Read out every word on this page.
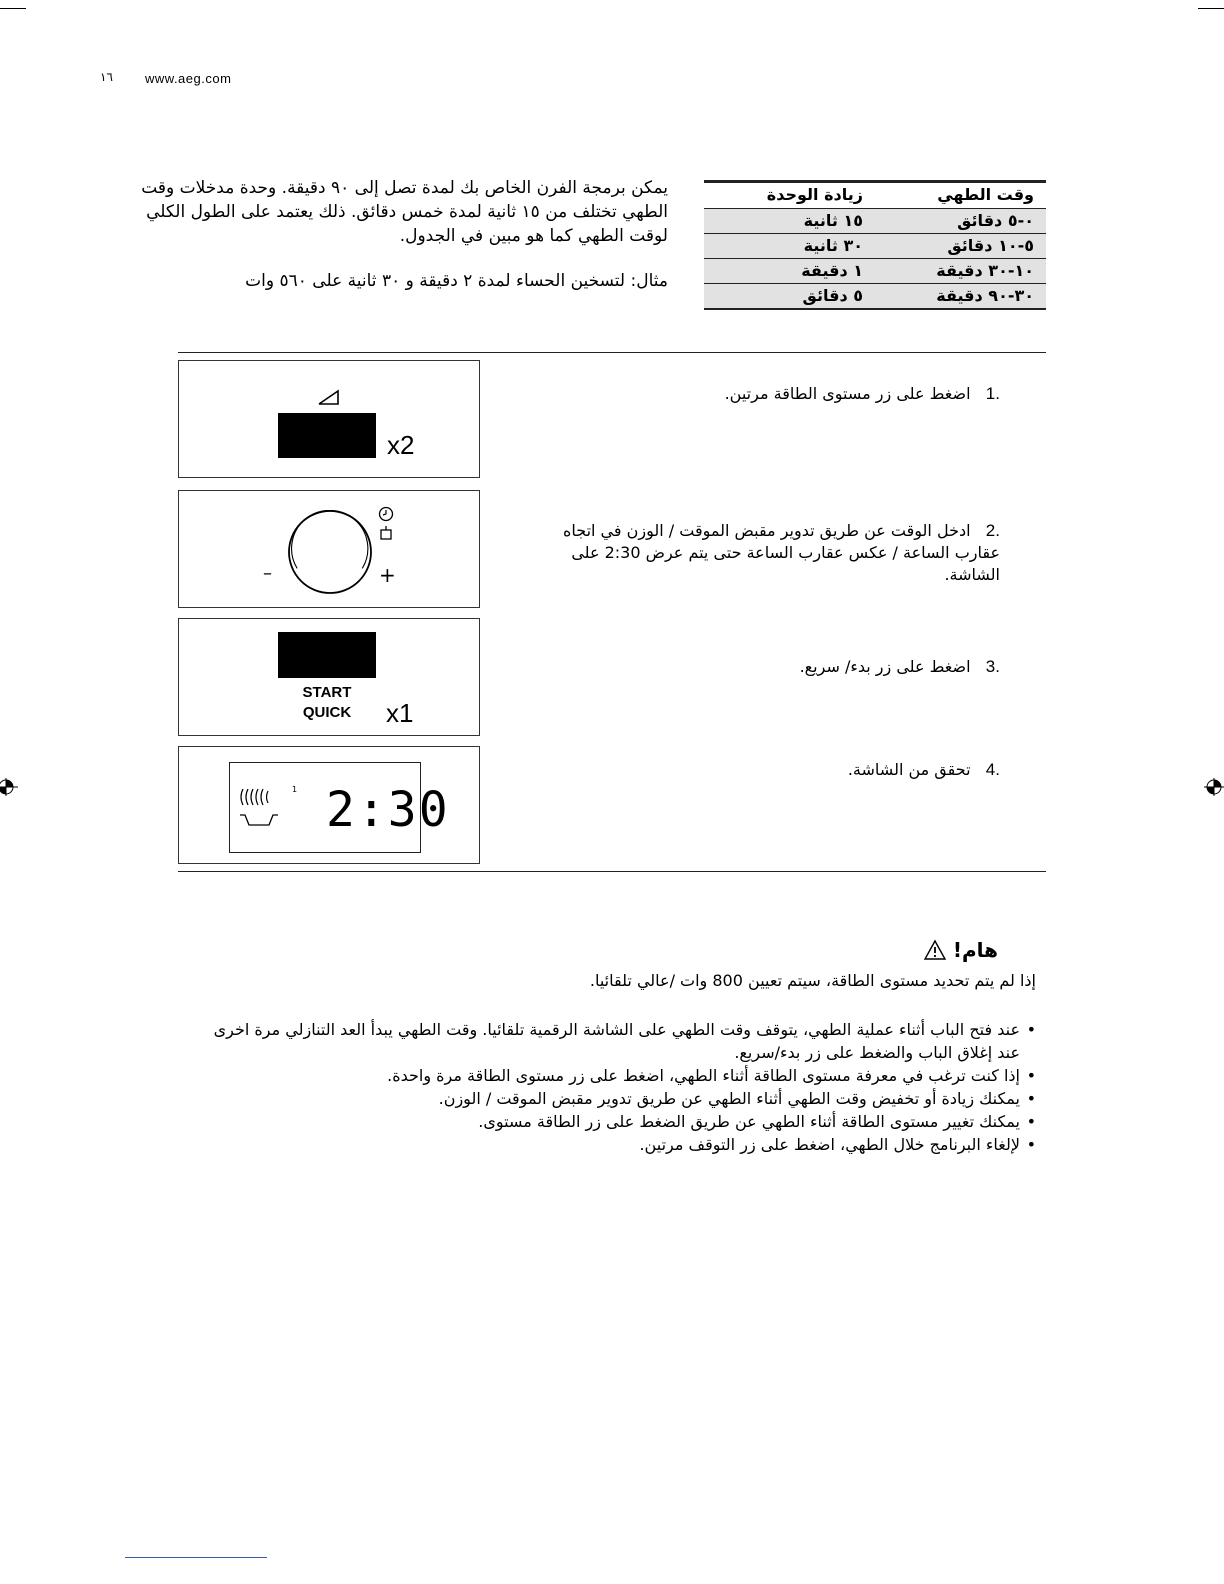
١٦ www.aeg.com

يمكن برمجة الفرن الخاص بك لمدة تصل إلى ٩٠ دقيقة. وحدة مدخلات وقت الطهي تختلف من ١٥ ثانية لمدة خمس دقائق. ذلك يعتمد على الطول الكلي لوقت الطهي كما هو مبين في الجدول.

مثال: لتسخين الحساء لمدة ٢ دقيقة و ٣٠ ثانية على ٥٦٠ وات

زيادة الوحدة	وقت الطهي
١٥ ثانية	٠-٥ دقائق
٣٠ ثانية	٥-١٠ دقائق
١ دقيقة	١٠-٣٠ دقيقة
٥ دقائق	٣٠-٩٠ دقيقة
x2
–	+
START
QUICK	x1
1 2:30
.1   اضغط على زر مستوى الطاقة مرتين.
.2   ادخل الوقت عن طريق تدوير مقبض الموقت / الوزن في اتجاه عقارب الساعة / عكس عقارب الساعة حتى يتم عرض 2:30 على الشاشة.
.3   اضغط على زر بدء/ سريع.
.4   تحقق من الشاشة.
هام!
إذا لم يتم تحديد مستوى الطاقة، سيتم تعيين 800 وات /عالي تلقائيا.
• عند فتح الباب أثناء عملية الطهي، يتوقف وقت الطهي على الشاشة الرقمية تلقائيا. وقت الطهي يبدأ العد التنازلي مرة اخرى عند إغلاق الباب والضغط على زر بدء/سريع.
• إذا كنت ترغب في معرفة مستوى الطاقة أثناء الطهي، اضغط على زر مستوى الطاقة مرة واحدة.
• يمكنك زيادة أو تخفيض وقت الطهي أثناء الطهي عن طريق تدوير مقبض الموقت / الوزن.
• يمكنك تغيير مستوى الطاقة أثناء الطهي عن طريق الضغط على زر الطاقة مستوى.
• لإلغاء البرنامج خلال الطهي، اضغط على زر التوقف مرتين.
